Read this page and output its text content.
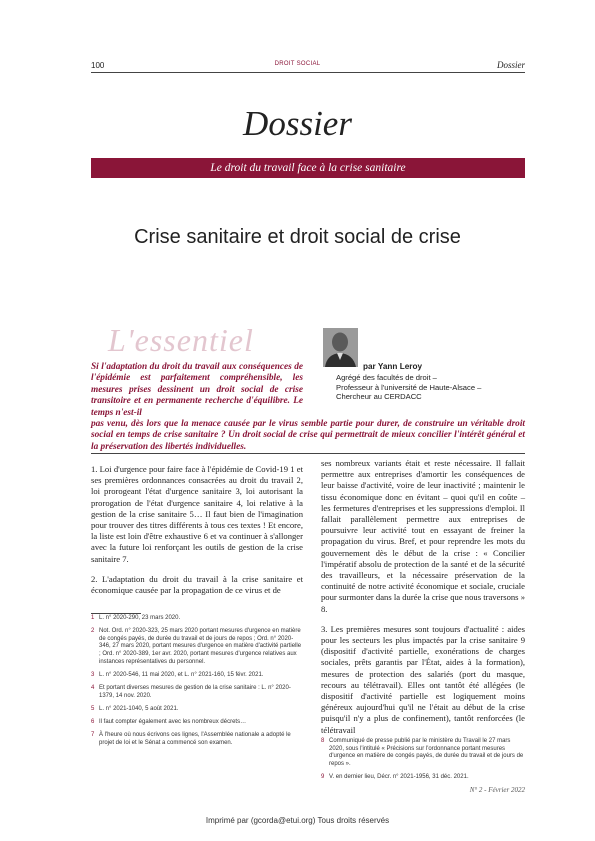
100	DROIT SOCIAL	Dossier
Dossier
Le droit du travail face à la crise sanitaire
Crise sanitaire et droit social de crise
L'essentiel
Si l'adaptation du droit du travail aux conséquences de l'épidémie est parfaitement compréhensible, les mesures prises dessinent un droit social de crise transitoire et en permanente recherche d'équilibre. Le temps n'est-il
pas venu, dès lors que la menace causée par le virus semble partie pour durer, de construire un véritable droit social en temps de crise sanitaire ? Un droit social de crise qui permettrait de mieux concilier l'intérêt général et la préservation des libertés individuelles.
par Yann Leroy
Agrégé des facultés de droit –
Professeur à l'université de Haute-Alsace –
Chercheur au CERDACC

1. Loi d'urgence pour faire face à l'épidémie de Covid-19 1 et ses premières ordonnances consacrées au droit du travail 2, loi prorogeant l'état d'urgence sanitaire 3, loi autorisant la prorogation de l'état d'urgence sanitaire 4, loi relative à la gestion de la crise sanitaire 5… Il faut bien de l'imagination pour trouver des titres différents à tous ces textes ! Et encore, la liste est loin d'être exhaustive 6 et va continuer à s'allonger avec la future loi renforçant les outils de gestion de la crise sanitaire 7.

2. L'adaptation du droit du travail à la crise sanitaire et économique causée par la propagation de ce virus et de

ses nombreux variants était et reste nécessaire. Il fallait permettre aux entreprises d'amortir les conséquences de leur baisse d'activité, voire de leur inactivité ; maintenir le tissu économique donc en évitant – quoi qu'il en coûte – les fermetures d'entreprises et les suppressions d'emploi. Il fallait parallèlement permettre aux entreprises de poursuivre leur activité tout en essayant de freiner la propagation du virus. Bref, et pour reprendre les mots du gouvernement dès le début de la crise : « Concilier l'impératif absolu de protection de la santé et de la sécurité des travailleurs, et la nécessaire préservation de la continuité de notre activité économique et sociale, cruciale pour surmonter dans la durée la crise que nous traversons » 8.

3. Les premières mesures sont toujours d'actualité : aides pour les secteurs les plus impactés par la crise sanitaire 9 (dispositif d'activité partielle, exonérations de charges sociales, prêts garantis par l'État, aides à la formation), mesures de protection des salariés (port du masque, recours au télétravail). Elles ont tantôt été allégées (le dispositif d'activité partielle est logiquement moins généreux aujourd'hui qu'il ne l'était au début de la crise puisqu'il n'y a plus de confinement), tantôt renforcées (le télétravail

1 L. n° 2020-290, 23 mars 2020.
2 Not. Ord. n° 2020-323, 25 mars 2020 portant mesures d'urgence en matière de congés payés, de durée du travail et de jours de repos ; Ord. n° 2020-346, 27 mars 2020, portant mesures d'urgence en matière d'activité partielle ; Ord. n° 2020-389, 1er avr. 2020, portant mesures d'urgence relatives aux instances représentatives du personnel.
3 L. n° 2020-546, 11 mai 2020, et L. n° 2021-160, 15 févr. 2021.
4 Et portant diverses mesures de gestion de la crise sanitaire : L. n° 2020-1379, 14 nov. 2020.
5 L. n° 2021-1040, 5 août 2021.
6 Il faut compter également avec les nombreux décrets…
7 À l'heure où nous écrivons ces lignes, l'Assemblée nationale a adopté le projet de loi et le Sénat a commencé son examen.	8 Communiqué de presse publié par le ministère du Travail le 27 mars 2020, sous l'intitulé « Précisions sur l'ordonnance portant mesures d'urgence en matière de congés payés, de durée du travail et de jours de repos ».
9 V. en dernier lieu, Décr. n° 2021-1956, 31 déc. 2021.
N° 2 - Février 2022
Imprimé par (gcorda@etui.org) Tous droits réservés
